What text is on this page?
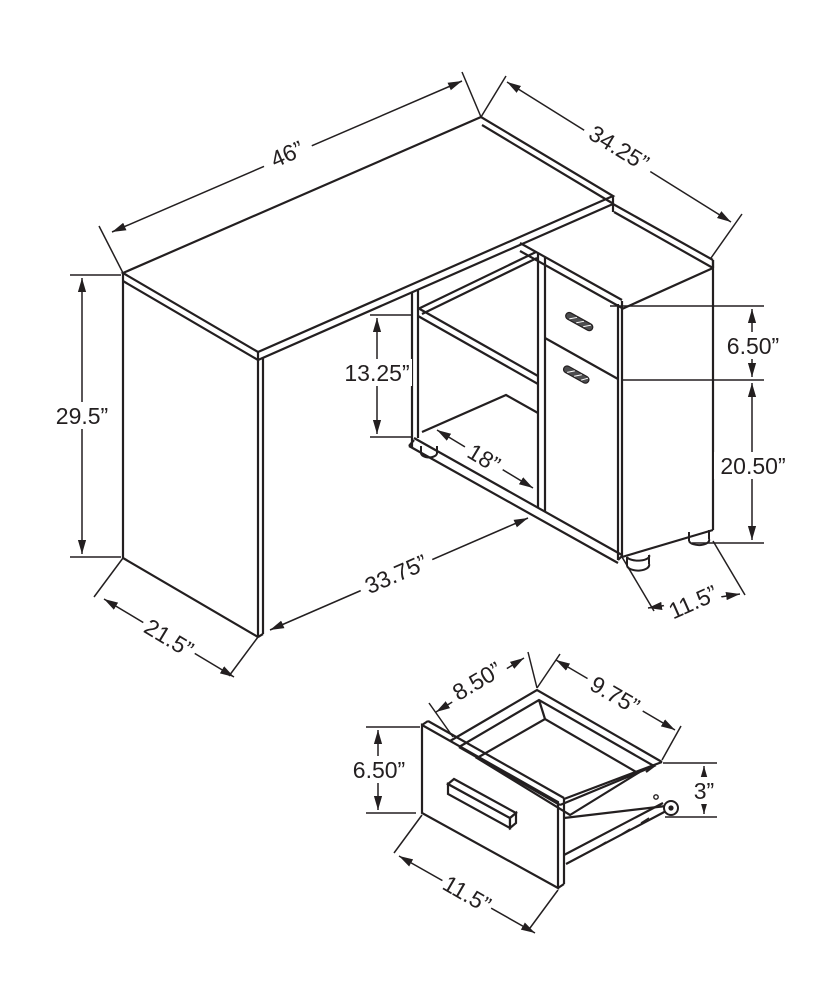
46”	34.25”
29.5”
13.25”
18”
33.75”
21.5”
11.5”
6.50”
20.50”
8.50”	9.75”
6.50”
3”
11.5”
